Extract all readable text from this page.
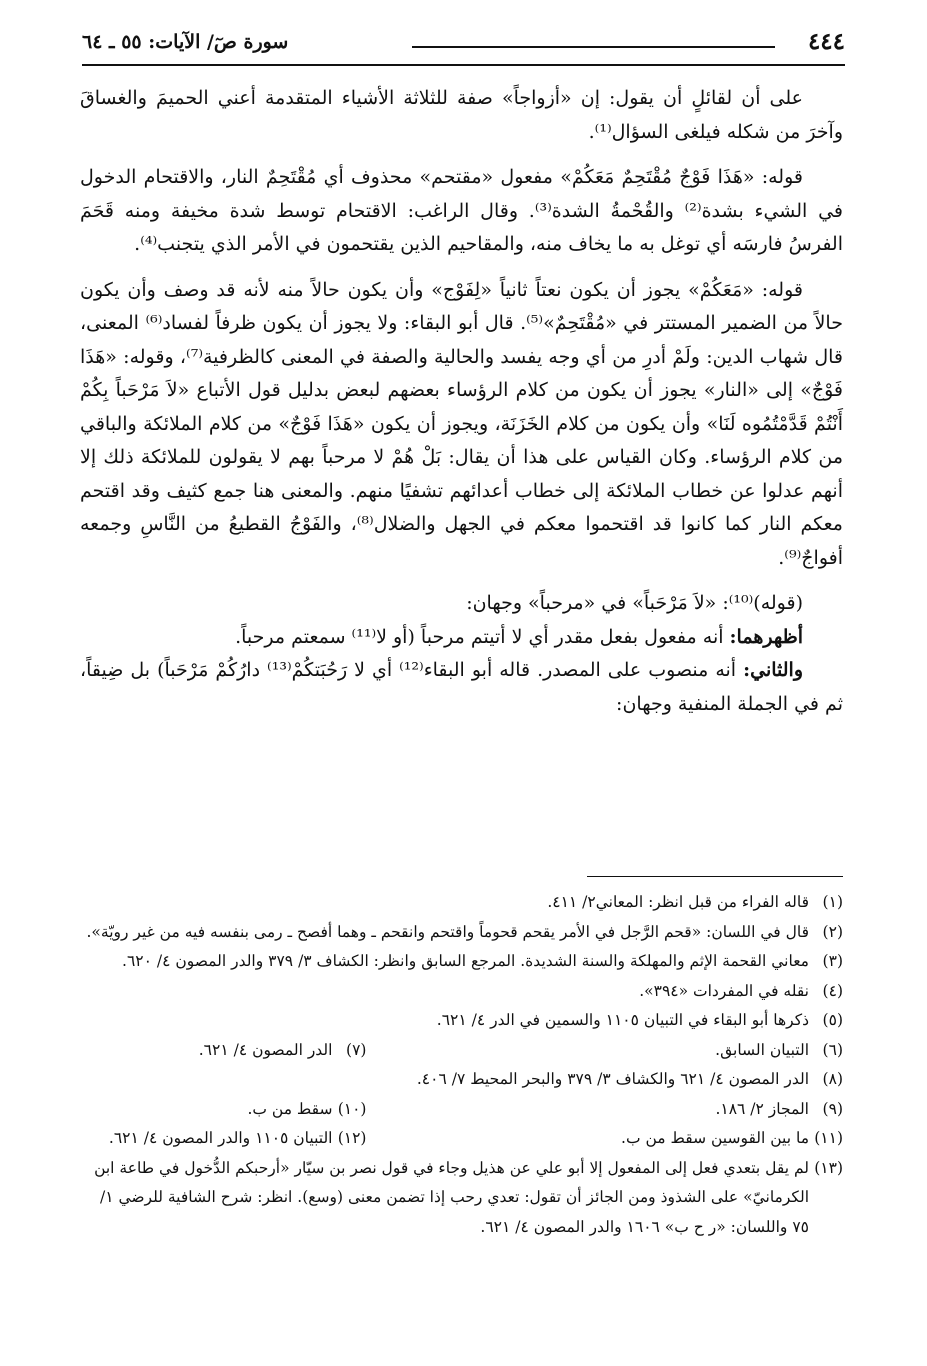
٤٤٤
سورة صٓ/ الآيات: ٥٥ ـ ٦٤

على أن لقائلٍ أن يقول: إن «أزواجاً» صفة للثلاثة الأشياء المتقدمة أعني الحميمَ والغساقَ وآخرَ من شكله فيلغى السؤال⁽¹⁾.

قوله: «هَذَا فَوْجٌ مُقْتَحِمٌ مَعَكُمْ» مفعول «مقتحم» محذوف أي مُقْتَحِمٌ النار، والاقتحام الدخول في الشيء بشدة⁽²⁾ والقُحْمةُ الشدة⁽³⁾. وقال الراغب: الاقتحام توسط شدة مخيفة ومنه قَحَمَ الفرسُ فارسَه أي توغل به ما يخاف منه، والمقاحيم الذين يقتحمون في الأمر الذي يتجنب⁽⁴⁾.

قوله: «مَعَكُمْ» يجوز أن يكون نعتاً ثانياً «لِفَوْج» وأن يكون حالاً منه لأنه قد وصف وأن يكون حالاً من الضمير المستتر في «مُقْتَحِمٌ»⁽⁵⁾. قال أبو البقاء: ولا يجوز أن يكون ظرفاً لفساد⁽⁶⁾ المعنى، قال شهاب الدين: ولَمْ أدرِ من أي وجه يفسد والحالية والصفة في المعنى كالظرفية⁽⁷⁾، وقوله: «هَذَا فَوْجٌ» إلى «النار» يجوز أن يكون من كلام الرؤساء بعضهم لبعض بدليل قول الأتباع «لاَ مَرْحَباً بِكُمْ أَنْتُمْ قَدَّمْتُمُوه لَنَا» وأن يكون من كلام الخَزَنَة، ويجوز أن يكون «هَذَا فَوْجٌ» من كلام الملائكة والباقي من كلام الرؤساء. وكان القياس على هذا أن يقال: بَلْ هُمْ لا مرحباً بهم لا يقولون للملائكة ذلك إلا أنهم عدلوا عن خطاب الملائكة إلى خطاب أعدائهم تشفيًا منهم. والمعنى هنا جمع كثيف وقد اقتحم معكم النار كما كانوا قد اقتحموا معكم في الجهل والضلال⁽⁸⁾، والفَوْجُ القطيعُ من النَّاسِ وجمعه أفواجٌ⁽⁹⁾.

(قوله)⁽¹⁰⁾: «لاَ مَرْحَباً» في «مرحباً» وجهان:

أظهرهما: أنه مفعول بفعل مقدر أي لا أتيتم مرحباً (أو لا⁽¹¹⁾ سمعتم مرحباً.

والثاني: أنه منصوب على المصدر. قاله أبو البقاء⁽¹²⁾ أي لا رَحُبَتكُمْ⁽¹³⁾ دارُكُمْ مَرْحَباً) بل ضِيقاً، ثم في الجملة المنفية وجهان:

(١)قاله الفراء من قبل انظر: المعاني٢/ ٤١١.

(٢)قال في اللسان: «قحم الرَّجل في الأمر يقحم قحوماً واقتحم وانقحم ـ وهما أفصح ـ رمى بنفسه فيه من غير رويّة».

(٣)معاني القحمة الإثم والمهلكة والسنة الشديدة. المرجع السابق وانظر: الكشاف ٣/ ٣٧٩ والدر المصون ٤/ ٦٢٠.

(٤)نقله في المفردات «٣٩٤».

(٥)ذكرها أبو البقاء في التبيان ١١٠٥ والسمين في الدر ٤/ ٦٢١.

(٦)التبيان السابق.

(٧)الدر المصون ٤/ ٦٢١.

(٨)الدر المصون ٤/ ٦٢١ والكشاف ٣/ ٣٧٩ والبحر المحيط ٧/ ٤٠٦.

(٩)المجاز ٢/ ١٨٦.

(١٠)سقط من ب.

(١١)ما بين القوسين سقط من ب.

(١٢)التبيان ١١٠٥ والدر المصون ٤/ ٦٢١.

(١٣)لم يقل بتعدي فعل إلى المفعول إلا أبو علي عن هذيل وجاء في قول نصر بن سيّار «أرحبكم الدُّخول في طاعة ابن الكرمانيّ» على الشذوذ ومن الجائز أن تقول: تعدي رحب إذا تضمن معنى (وسع). انظر: شرح الشافية للرضي ١/ ٧٥ واللسان: «ر ح ب» ١٦٠٦ والدر المصون ٤/ ٦٢١.
